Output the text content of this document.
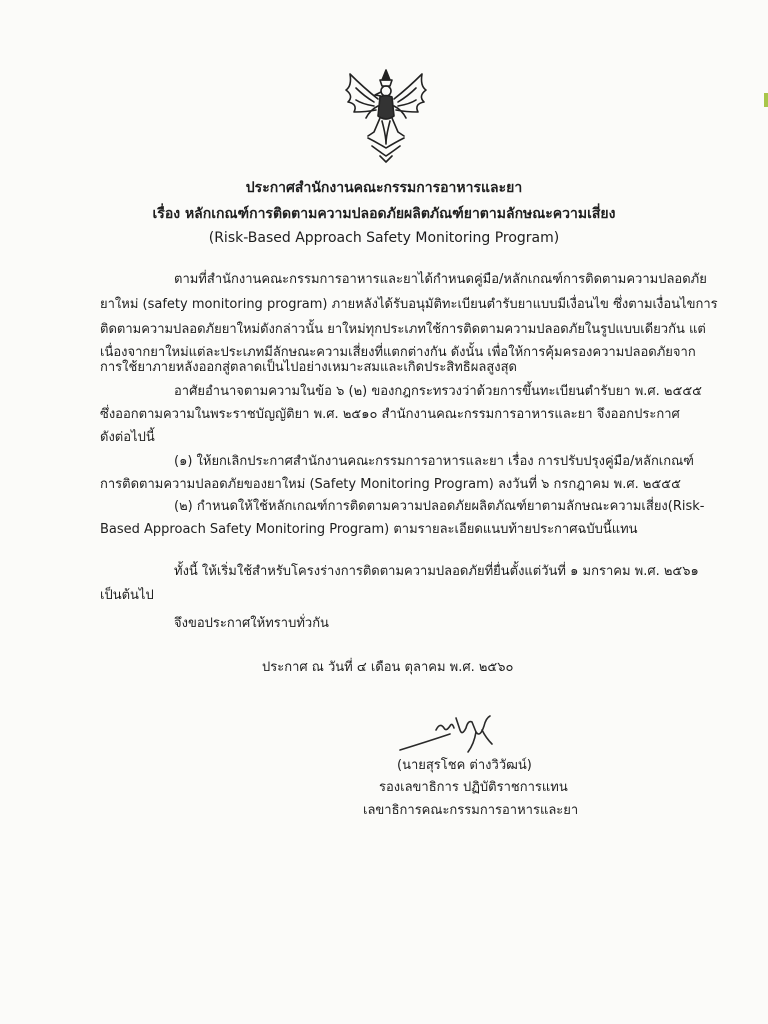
ประกาศสำนักงานคณะกรรมการอาหารและยา
เรื่อง หลักเกณฑ์การติดตามความปลอดภัยผลิตภัณฑ์ยาตามลักษณะความเสี่ยง
(Risk-Based Approach Safety Monitoring Program)
ตามที่สำนักงานคณะกรรมการอาหารและยาได้กำหนดคู่มือ/หลักเกณฑ์การติดตามความปลอดภัย
ยาใหม่ (safety monitoring program) ภายหลังได้รับอนุมัติทะเบียนตำรับยาแบบมีเงื่อนไข ซึ่งตามเงื่อนไขการ
ติดตามความปลอดภัยยาใหม่ดังกล่าวนั้น ยาใหม่ทุกประเภทใช้การติดตามความปลอดภัยในรูปแบบเดียวกัน แต่
เนื่องจากยาใหม่แต่ละประเภทมีลักษณะความเสี่ยงที่แตกต่างกัน ดังนั้น เพื่อให้การคุ้มครองความปลอดภัยจาก
การใช้ยาภายหลังออกสู่ตลาดเป็นไปอย่างเหมาะสมและเกิดประสิทธิผลสูงสุด
อาศัยอำนาจตามความในข้อ ๖ (๒) ของกฎกระทรวงว่าด้วยการขึ้นทะเบียนตำรับยา พ.ศ. ๒๕๕๕
ซึ่งออกตามความในพระราชบัญญัติยา พ.ศ. ๒๕๑๐ สำนักงานคณะกรรมการอาหารและยา จึงออกประกาศ
ดังต่อไปนี้
(๑) ให้ยกเลิกประกาศสำนักงานคณะกรรมการอาหารและยา เรื่อง การปรับปรุงคู่มือ/หลักเกณฑ์
การติดตามความปลอดภัยของยาใหม่ (Safety Monitoring Program) ลงวันที่ ๖ กรกฎาคม พ.ศ. ๒๕๕๕
(๒) กำหนดให้ใช้หลักเกณฑ์การติดตามความปลอดภัยผลิตภัณฑ์ยาตามลักษณะความเสี่ยง(Risk-
Based Approach Safety Monitoring Program) ตามรายละเอียดแนบท้ายประกาศฉบับนี้แทน
ทั้งนี้ ให้เริ่มใช้สำหรับโครงร่างการติดตามความปลอดภัยที่ยื่นตั้งแต่วันที่ ๑ มกราคม พ.ศ. ๒๕๖๑
เป็นต้นไป
จึงขอประกาศให้ทราบทั่วกัน
ประกาศ ณ วันที่ ๔ เดือน ตุลาคม พ.ศ. ๒๕๖๐
(นายสุรโชค ต่างวิวัฒน์)
รองเลขาธิการ ปฏิบัติราชการแทน
เลขาธิการคณะกรรมการอาหารและยา
